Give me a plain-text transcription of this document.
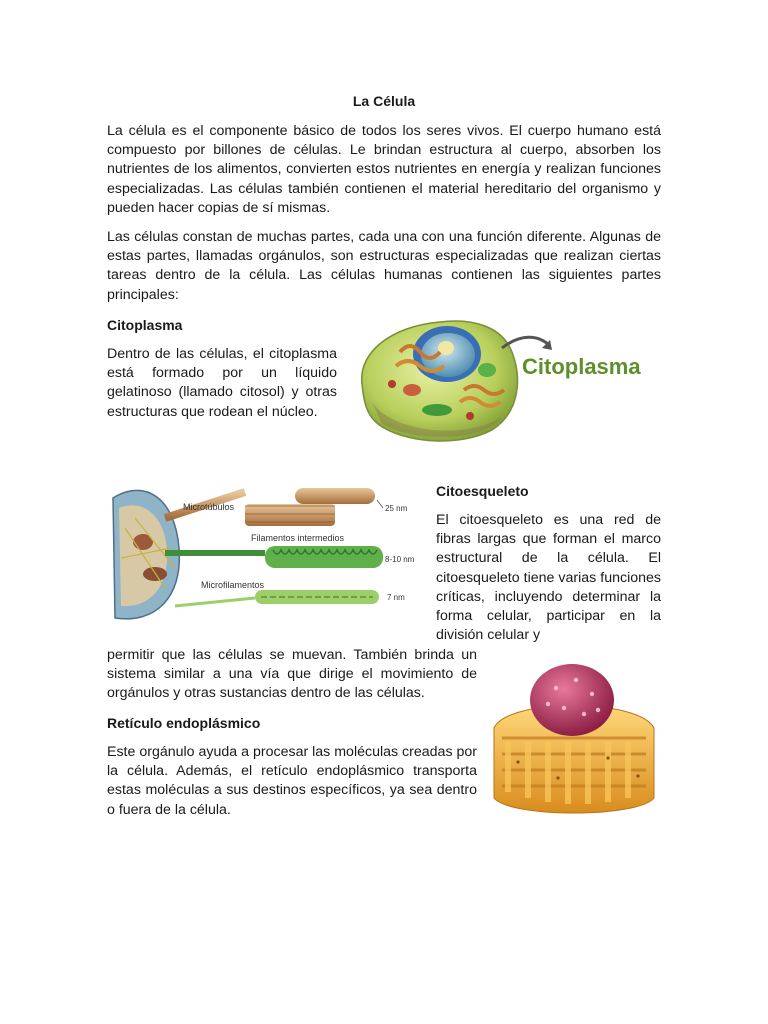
La Célula

La célula es el componente básico de todos los seres vivos. El cuerpo humano está compuesto por billones de células. Le brindan estructura al cuerpo, absorben los nutrientes de los alimentos, convierten estos nutrientes en energía y realizan funciones especializadas. Las células también contienen el material hereditario del organismo y pueden hacer copias de sí mismas.

Las células constan de muchas partes, cada una con una función diferente. Algunas de estas partes, llamadas orgánulos, son estructuras especializadas que realizan ciertas tareas dentro de la célula. Las células humanas contienen las siguientes partes principales:

Citoplasma

Dentro de las células, el citoplasma está formado por un líquido gelatinoso (llamado citosol) y otras estructuras que rodean el núcleo.

Citoplasma
25 nm
Microtúbulos
Filamentos intermedios
8-10 nm
Microfilamentos
7 nm
Citoesqueleto

El citoesqueleto es una red de fibras largas que forman el marco estructural de la célula. El citoesqueleto tiene varias funciones críticas, incluyendo determinar la forma celular, participar en la división celular y

permitir que las células se muevan. También brinda un sistema similar a una vía que dirige el movimiento de orgánulos y otras sustancias dentro de las células.

Retículo endoplásmico

Este orgánulo ayuda a procesar las moléculas creadas por la célula. Además, el retículo endoplásmico transporta estas moléculas a sus destinos específicos, ya sea dentro o fuera de la célula.
